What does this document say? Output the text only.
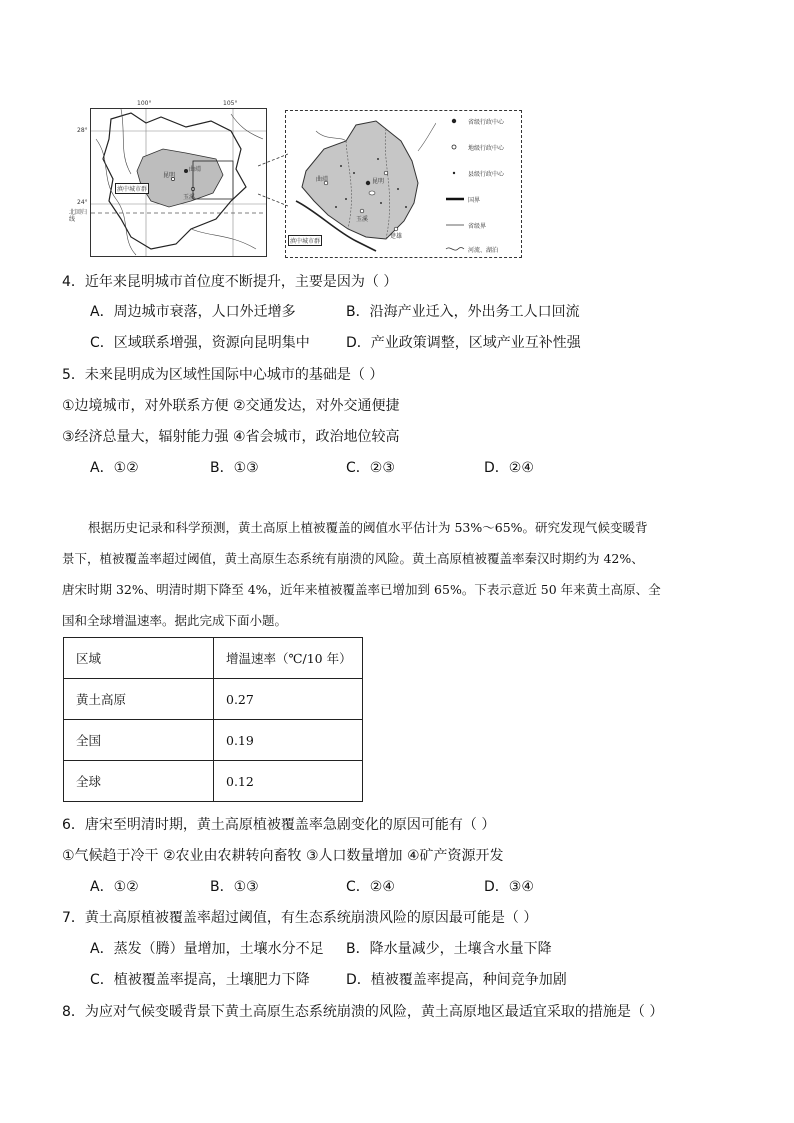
100°	105°
28°
24°
北回归线
滇中城市群
曲靖
昆明
玉溪
曲靖	昆明
玉溪
楚雄
滇中城市群
省级行政中心
地级行政中心
县级行政中心
国界
省级界
河流、湖泊
4．近年来昆明城市首位度不断提升，主要是因为（ ）
A．周边城市衰落，人口外迁增多	B．沿海产业迁入，外出务工人口回流
C．区域联系增强，资源向昆明集中	D．产业政策调整，区域产业互补性强
5．未来昆明成为区域性国际中心城市的基础是（ ）
①边境城市，对外联系方便 ②交通发达，对外交通便捷
③经济总量大，辐射能力强 ④省会城市，政治地位较高
A．①②	B．①③	C．②③	D．②④

根据历史记录和科学预测，黄土高原上植被覆盖的阈值水平估计为 53%～65%。研究发现气候变暖背

景下，植被覆盖率超过阈值，黄土高原生态系统有崩溃的风险。黄土高原植被覆盖率秦汉时期约为 42%、

唐宋时期 32%、明清时期下降至 4%，近年来植被覆盖率已增加到 65%。下表示意近 50 年来黄土高原、全

国和全球增温速率。据此完成下面小题。

区域	增温速率（℃/10 年）
黄土高原	0.27
全国	0.19
全球	0.12
6．唐宋至明清时期，黄土高原植被覆盖率急剧变化的原因可能有（ ）
①气候趋于冷干 ②农业由农耕转向畜牧 ③人口数量增加 ④矿产资源开发
A．①②	B．①③	C．②④	D．③④
7．黄土高原植被覆盖率超过阈值，有生态系统崩溃风险的原因最可能是（ ）
A．蒸发（腾）量增加，土壤水分不足 B．降水量减少，土壤含水量下降
C．植被覆盖率提高，土壤肥力下降	D．植被覆盖率提高，种间竞争加剧
8．为应对气候变暖背景下黄土高原生态系统崩溃的风险，黄土高原地区最适宜采取的措施是（ ）
